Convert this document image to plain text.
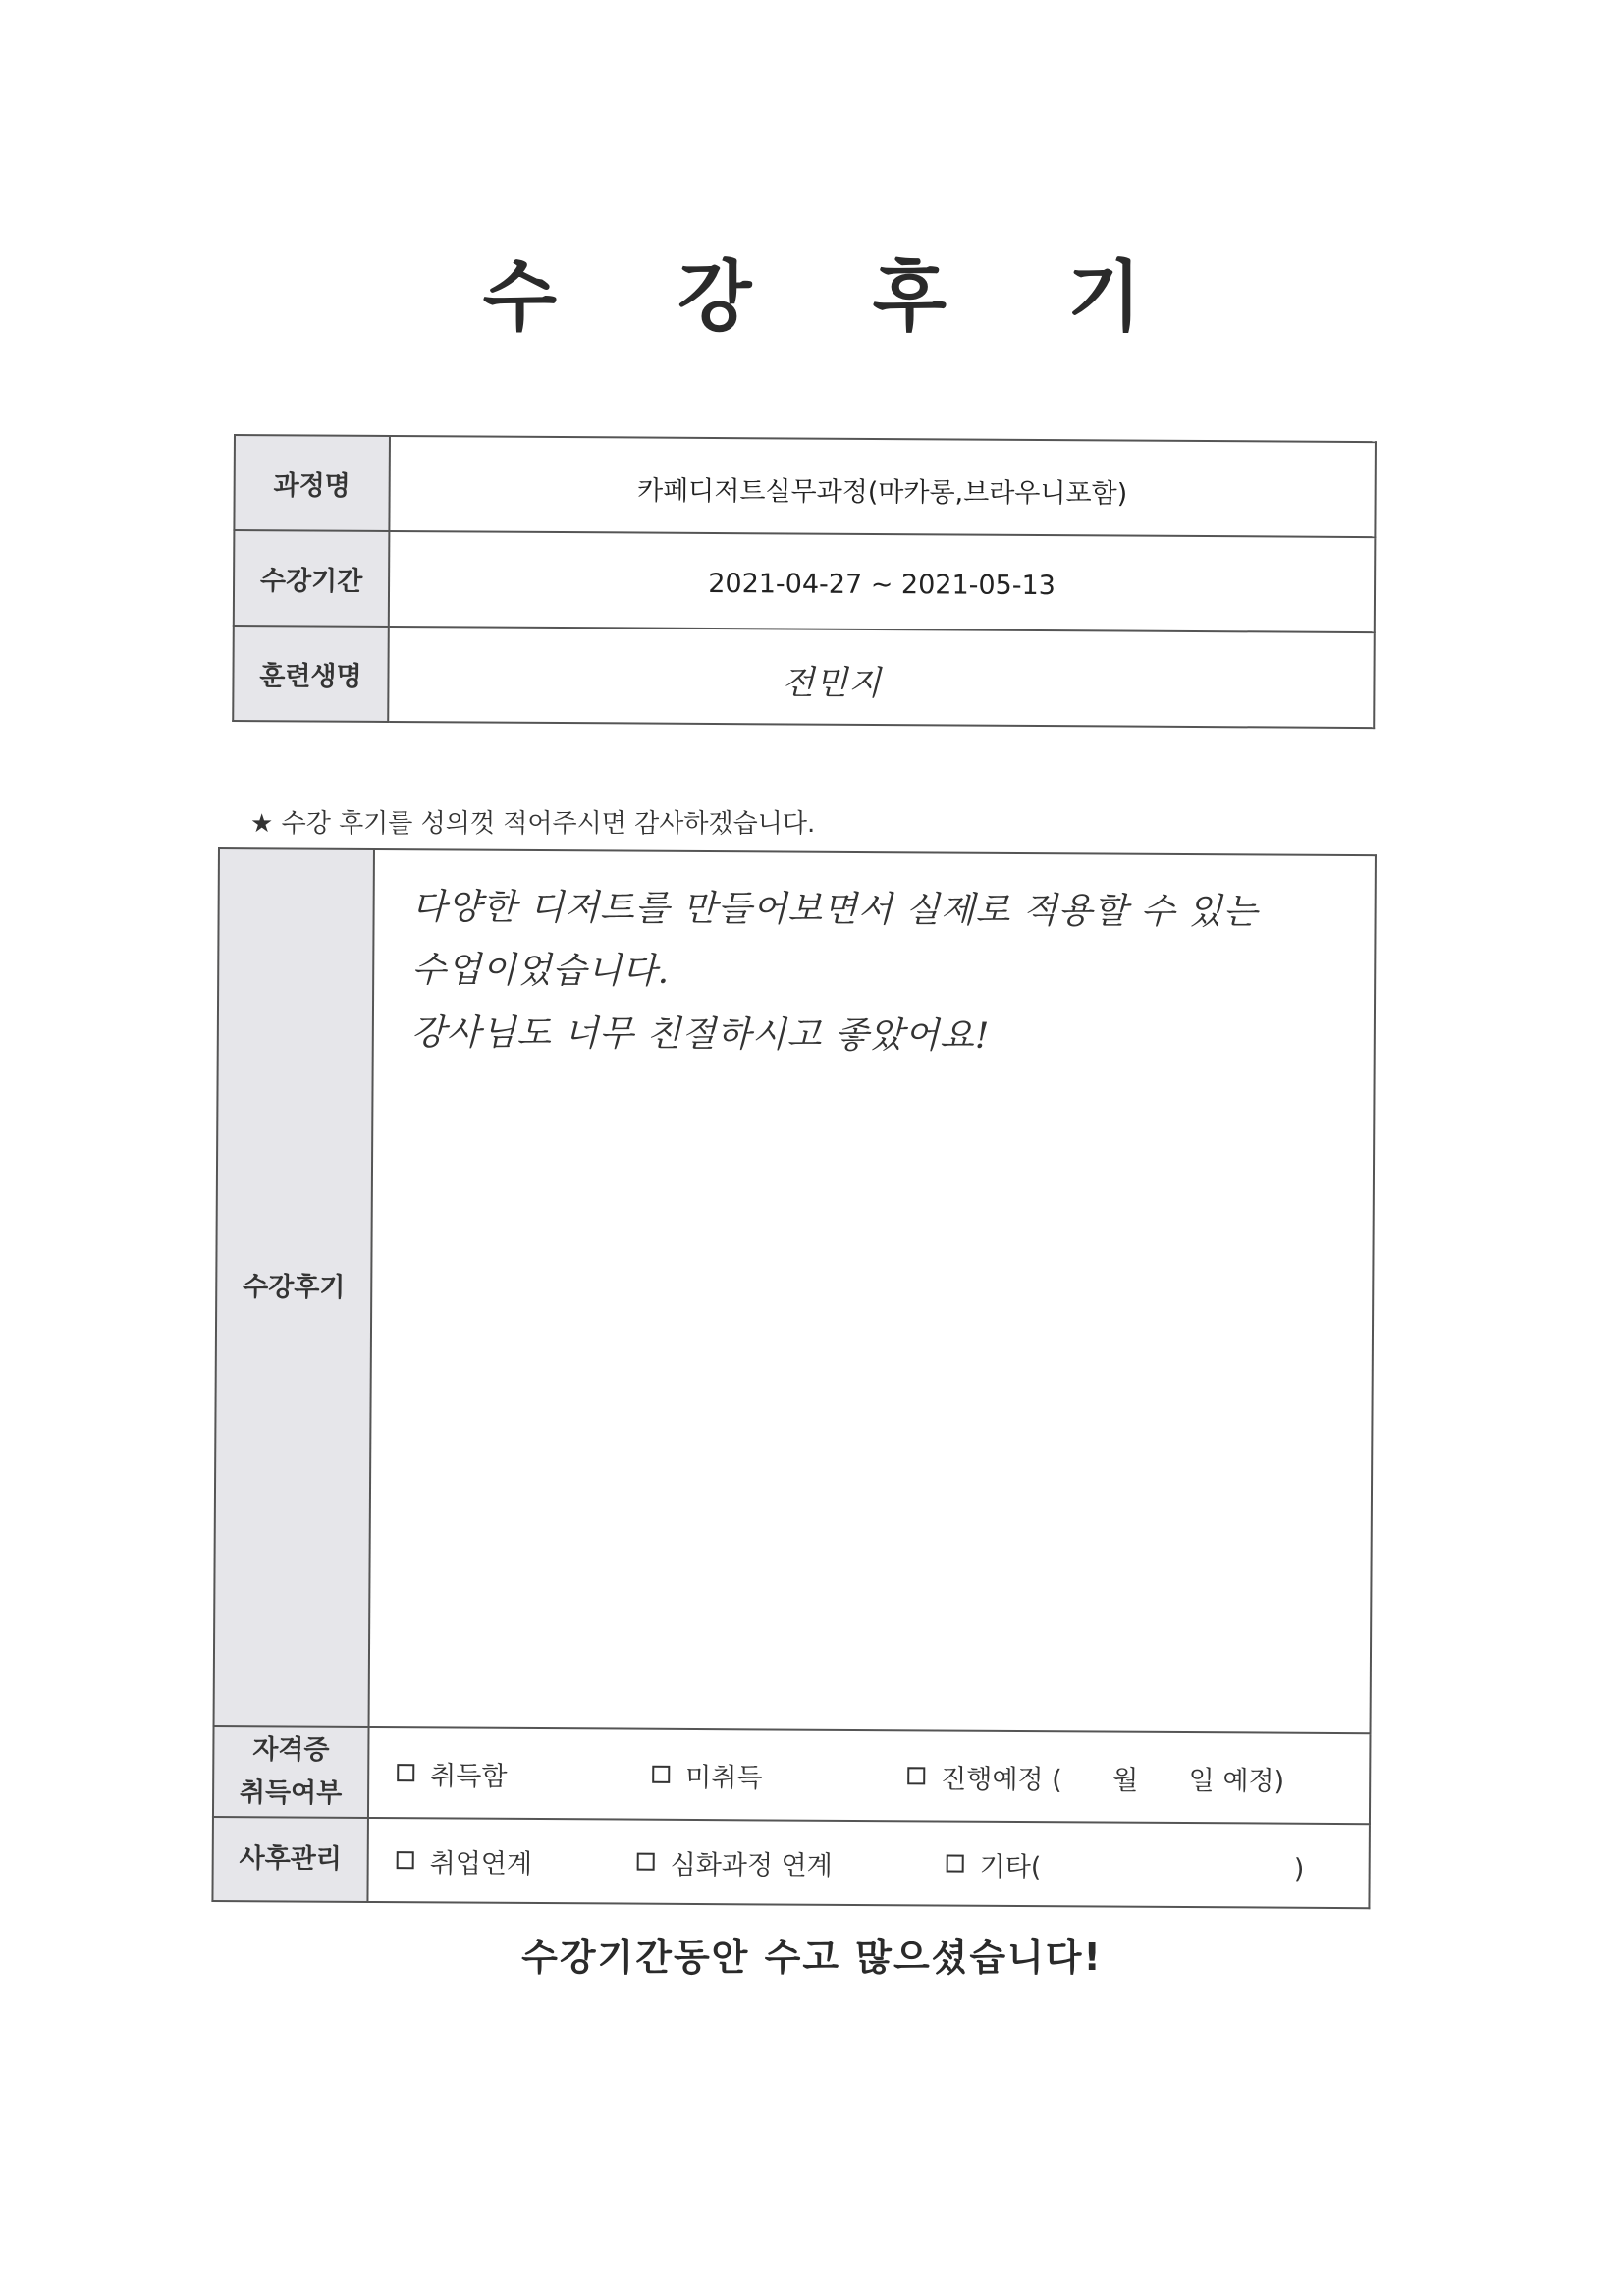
수 강 후 기
과정명	카페디저트실무과정(마카롱,브라우니포함)
수강기간	2021-04-27 ~ 2021-05-13
훈련생명	전민지
★ 수강 후기를 성의껏 적어주시면 감사하겠습니다.
수강후기	다양한 디저트를 만들어보면서 실제로 적용할 수 있는
수업이었습니다.
강사님도 너무 친절하시고 좋았어요!

자격증
취득여부	취득함 미취득 진행예정 (      월      일 예정)

사후관리	취업연계 심화과정 연계 기타(                              )
수강기간동안 수고 많으셨습니다!
